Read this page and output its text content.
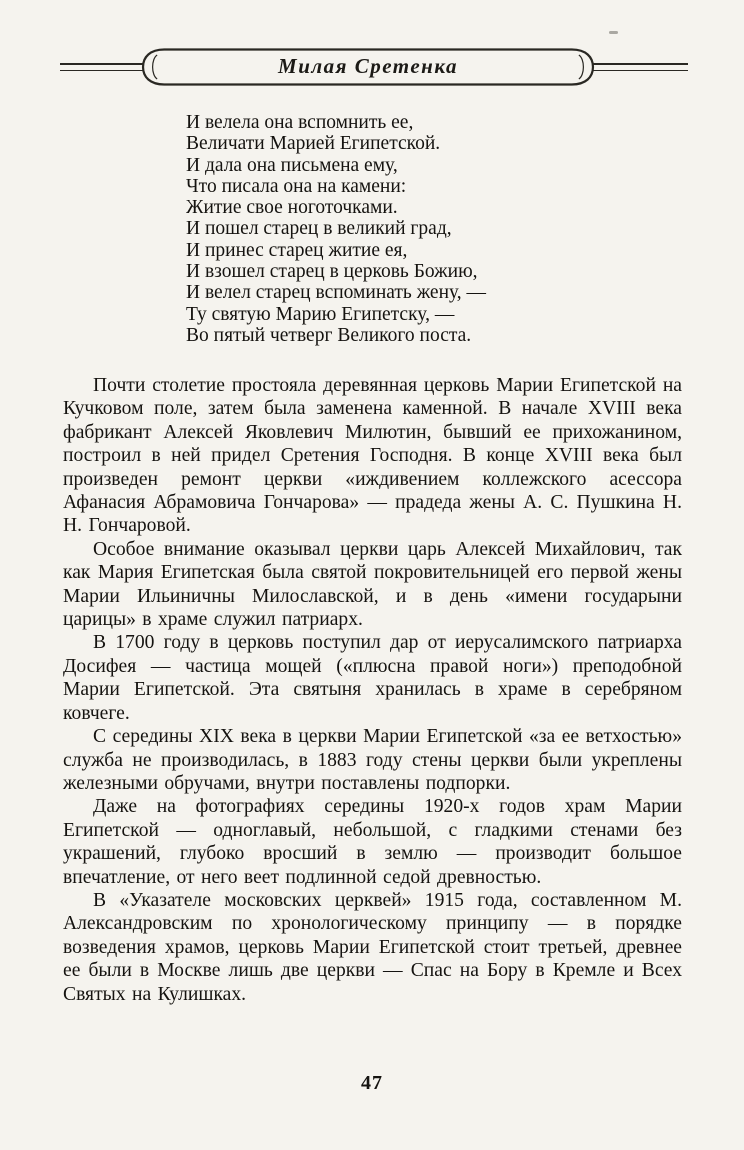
Милая Сретенка
И велела она вспомнить ее,
Величати Марией Египетской.
И дала она письмена ему,
Что писала она на камени:
Житие свое ноготочками.
И пошел старец в великий град,
И принес старец житие ея,
И взошел старец в церковь Божию,
И велел старец вспоминать жену, —
Ту святую Марию Египетску, —
Во пятый четверг Великого поста.

Почти столетие простояла деревянная церковь Марии Египетской на Кучковом поле, затем была заменена каменной. В начале XVIII века фабрикант Алексей Яковлевич Милютин, бывший ее прихожанином, построил в ней придел Сретения Господня. В конце XVIII века был произведен ремонт церкви «иждивением коллежского асессора Афанасия Абрамовича Гончарова» — прадеда жены А. С. Пушкина Н. Н. Гончаровой.

Особое внимание оказывал церкви царь Алексей Михайлович, так как Мария Египетская была святой покровительницей его первой жены Марии Ильиничны Милославской, и в день «имени государыни царицы» в храме служил патриарх.

В 1700 году в церковь поступил дар от иерусалимского патриарха Досифея — частица мощей («плюсна правой ноги») преподобной Марии Египетской. Эта святыня хранилась в храме в серебряном ковчеге.

С середины XIX века в церкви Марии Египетской «за ее ветхостью» служба не производилась, в 1883 году стены церкви были укреплены железными обручами, внутри поставлены подпорки.

Даже на фотографиях середины 1920-х годов храм Марии Египетской — одноглавый, небольшой, с гладкими стенами без украшений, глубоко вросший в землю — производит большое впечатление, от него веет подлинной седой древностью.

В «Указателе московских церквей» 1915 года, составленном М. Александровским по хронологическому принципу — в порядке возведения храмов, церковь Марии Египетской стоит третьей, древнее ее были в Москве лишь две церкви — Спас на Бору в Кремле и Всех Святых на Кулишках.

47
